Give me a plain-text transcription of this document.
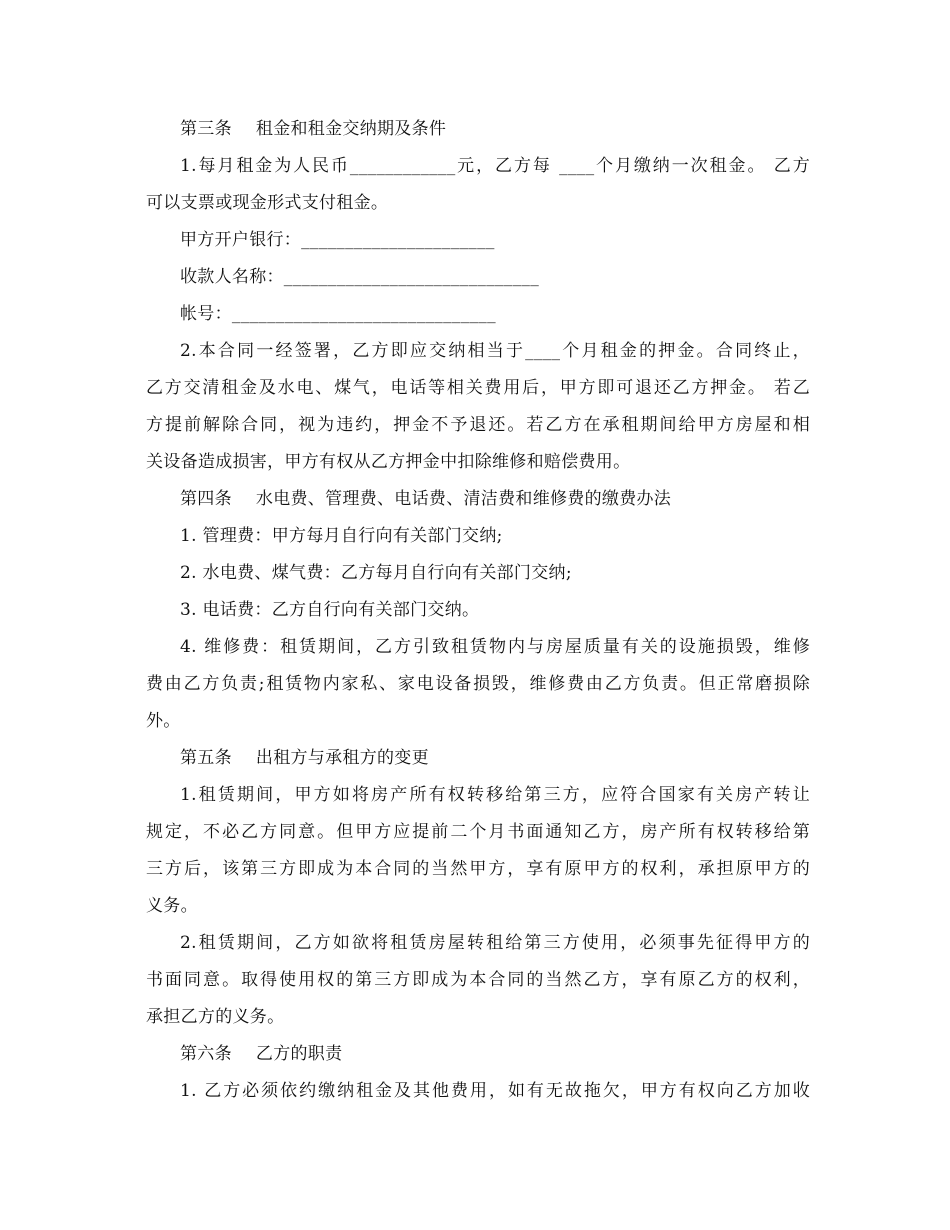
第三条 租金和租金交纳期及条件
1.每月租金为人民币____________元，乙方每 ____个月缴纳一次租金。 乙方
可以支票或现金形式支付租金。
甲方开户银行：______________________
收款人名称：_____________________________
帐号：______________________________
2.本合同一经签署，乙方即应交纳相当于____个月租金的押金。合同终止，
乙方交清租金及水电、煤气，电话等相关费用后，甲方即可退还乙方押金。 若乙
方提前解除合同，视为违约，押金不予退还。若乙方在承租期间给甲方房屋和相
关设备造成损害，甲方有权从乙方押金中扣除维修和赔偿费用。
第四条 水电费、管理费、电话费、清洁费和维修费的缴费办法
1. 管理费：甲方每月自行向有关部门交纳;
2. 水电费、煤气费：乙方每月自行向有关部门交纳;
3. 电话费：乙方自行向有关部门交纳。
4. 维修费：租赁期间，乙方引致租赁物内与房屋质量有关的设施损毁，维修
费由乙方负责;租赁物内家私、家电设备损毁，维修费由乙方负责。但正常磨损除
外。
第五条 出租方与承租方的变更
1.租赁期间，甲方如将房产所有权转移给第三方，应符合国家有关房产转让
规定，不必乙方同意。但甲方应提前二个月书面通知乙方，房产所有权转移给第
三方后，该第三方即成为本合同的当然甲方，享有原甲方的权利，承担原甲方的
义务。
2.租赁期间，乙方如欲将租赁房屋转租给第三方使用，必须事先征得甲方的
书面同意。取得使用权的第三方即成为本合同的当然乙方，享有原乙方的权利，
承担乙方的义务。
第六条 乙方的职责
1. 乙方必须依约缴纳租金及其他费用，如有无故拖欠，甲方有权向乙方加收
